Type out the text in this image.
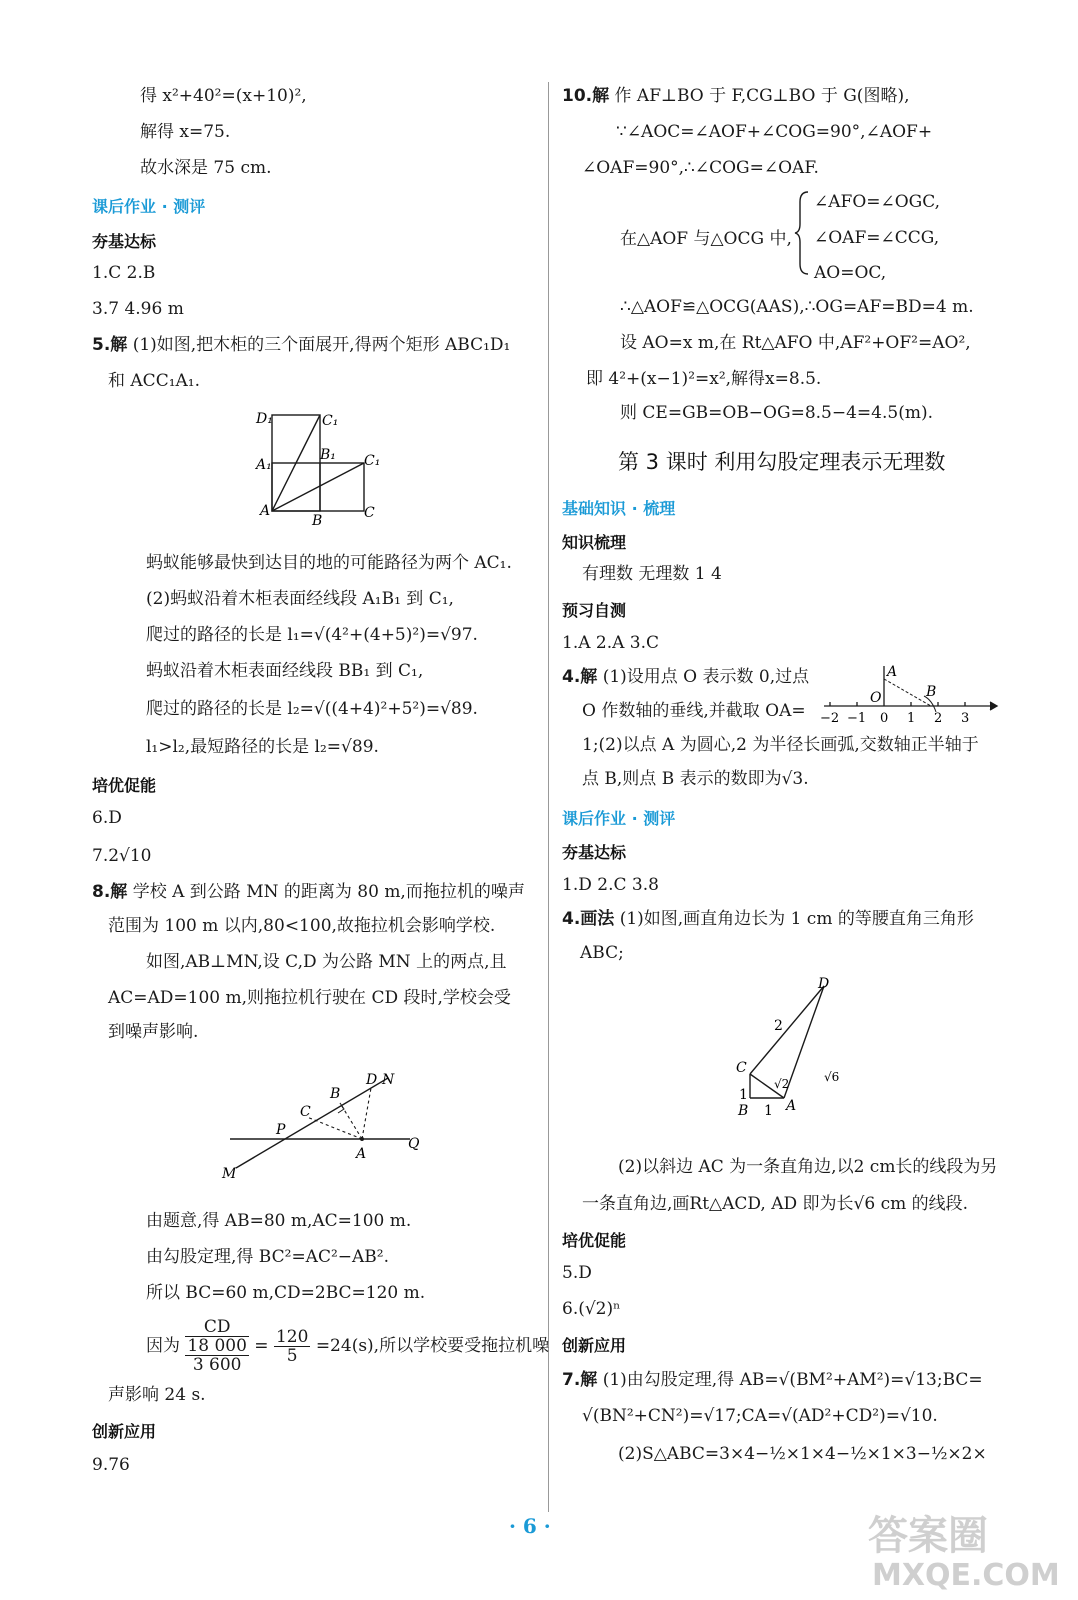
得 x²+40²=(x+10)²,
解得 x=75.
故水深是 75 cm.
课后作业 · 测评
夯基达标
1.C 2.B
3.7 4.96 m
5.解 (1)如图,把木柜的三个面展开,得两个矩形 ABC₁D₁
和 ACC₁A₁.
D₁	C₁
A₁
B₁ C₁
A
B	C
蚂蚁能够最快到达目的地的可能路径为两个 AC₁.
(2)蚂蚁沿着木柜表面经线段 A₁B₁ 到 C₁,
爬过的路径的长是 l₁=√(4²+(4+5)²)=√97.
蚂蚁沿着木柜表面经线段 BB₁ 到 C₁,
爬过的路径的长是 l₂=√((4+4)²+5²)=√89.
l₁>l₂,最短路径的长是 l₂=√89.
培优促能
6.D
7.2√10
8.解 学校 A 到公路 MN 的距离为 80 m,而拖拉机的噪声
范围为 100 m 以内,80<100,故拖拉机会影响学校.
如图,AB⊥MN,设 C,D 为公路 MN 上的两点,且
AC=AD=100 m,则拖拉机行驶在 CD 段时,学校会受
到噪声影响.
D N
B
C
P
A
Q
M
由题意,得 AB=80 m,AC=100 m.
由勾股定理,得 BC²=AC²−AB².
所以 BC=60 m,CD=2BC=120 m.
因为
CD
18 000
3 600
= $\frac{120}{5} =24(s)$,所以学校要受拖拉机噪
声影响 24 s.
创新应用
9.76
10.解 作 AF⊥BO 于 F,CG⊥BO 于 G(图略),
∵∠AOC=∠AOF+∠COG=90°,∠AOF+
∠OAF=90°,∴∠COG=∠OAF.
在△AOF 与△OCG 中,
∠AFO=∠OGC,
∠OAF=∠CCG,
AO=OC,
∴△AOF≌△OCG(AAS),∴OG=AF=BD=4 m.
设 AO=x m,在 Rt△AFO 中,AF²+OF²=AO²,
即 4²+(x−1)²=x²,解得x=8.5.
则 CE=GB=OB−OG=8.5−4=4.5(m).
第 3 课时 利用勾股定理表示无理数
基础知识 · 梳理
知识梳理
有理数 无理数 1 4
预习自测
1.A 2.A 3.C
4.解 (1)设用点 O 表示数 0,过点
O 作数轴的垂线,并截取 OA=
A
O	B
−2 −1 0 1 2 3
1;(2)以点 A 为圆心,2 为半径长画弧,交数轴正半轴于
点 B,则点 B 表示的数即为√3.
课后作业 · 测评
夯基达标
1.D 2.C 3.8
4.画法 (1)如图,画直角边长为 1 cm 的等腰直角三角形
ABC;
D
2
C
√2	√6
1
B 1 A
(2)以斜边 AC 为一条直角边,以2 cm长的线段为另
一条直角边,画Rt△ACD, AD 即为长√6 cm 的线段.
培优促能
5.D
6.(√2)ⁿ
创新应用
7.解 (1)由勾股定理,得 AB=√(BM²+AM²)=√13;BC=
√(BN²+CN²)=√17;CA=√(AD²+CD²)=√10.
(2)S△ABC=3×4−½×1×4−½×1×3−½×2×
· 6 ·	答案圈
MXQE.COM
